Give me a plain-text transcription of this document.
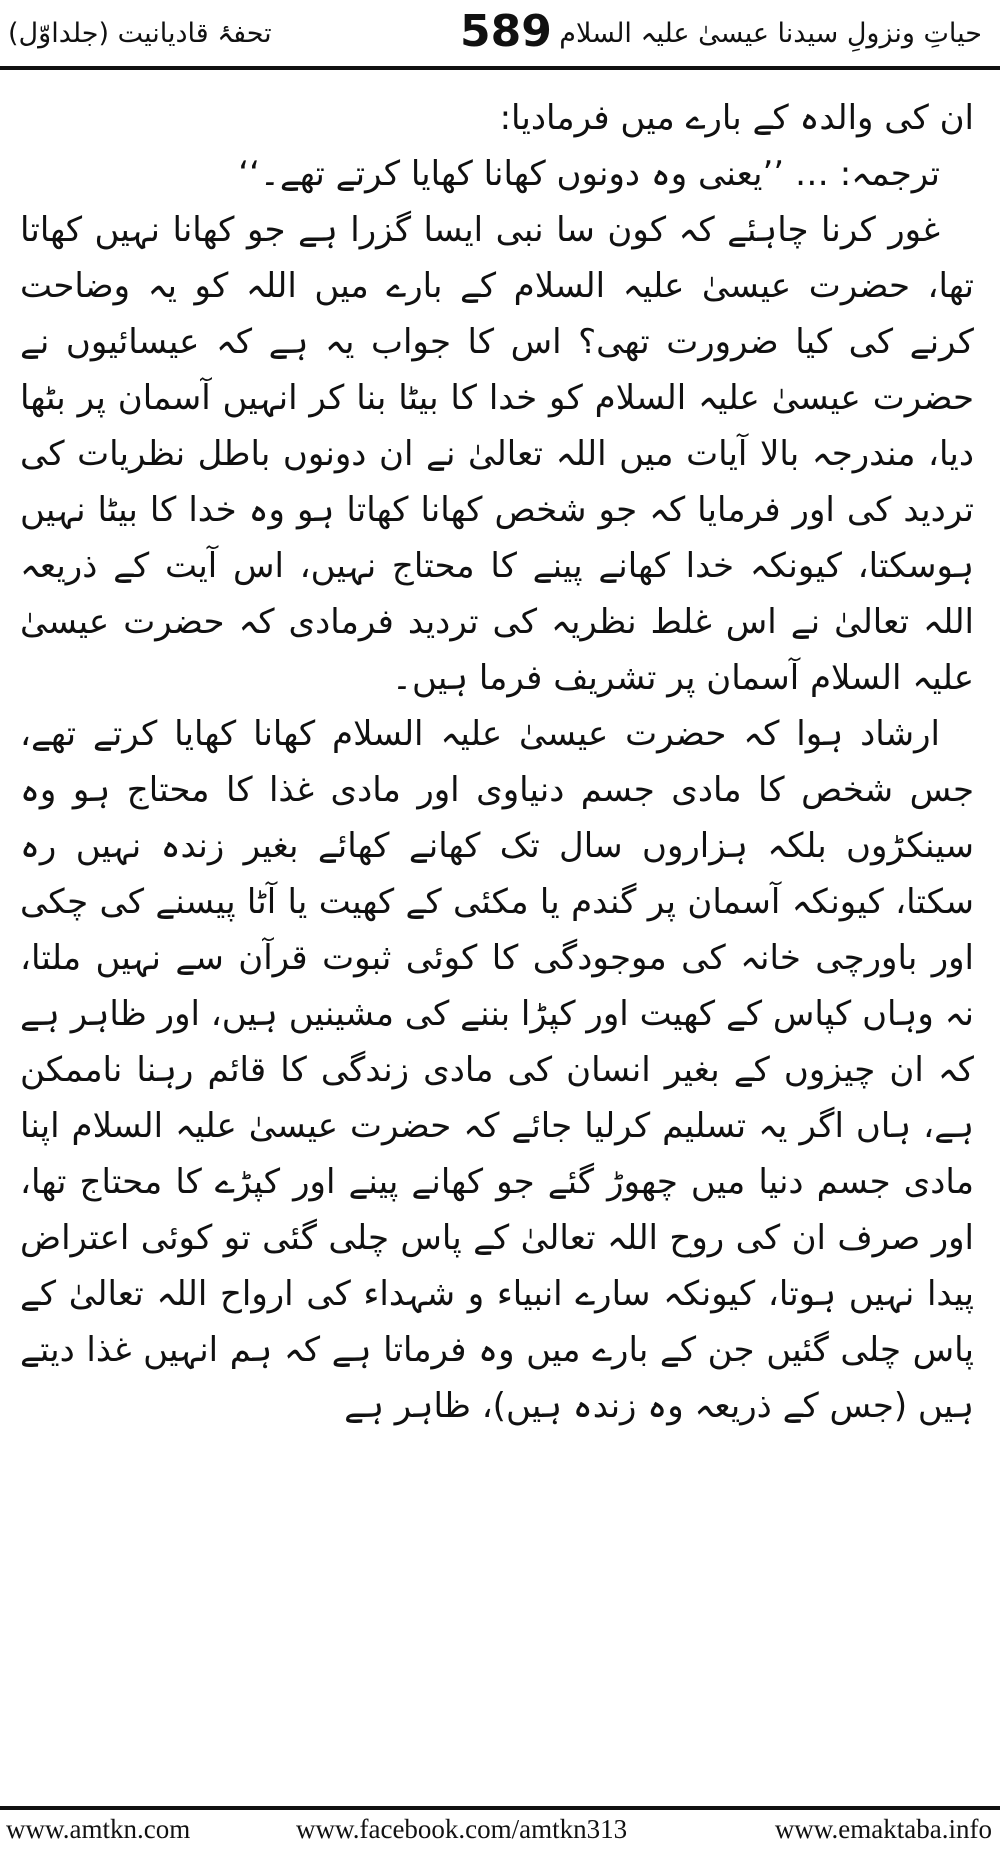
تحفۂ قادیانیت (جلداوّل)	589 حیاتِ ونزولِ سیدنا عیسیٰ علیہ السلام

ان کی والدہ کے بارے میں فرمادیا:

ترجمہ: … ’’یعنی وہ دونوں کھانا کھایا کرتے تھے۔‘‘

غور کرنا چاہئے کہ کون سا نبی ایسا گزرا ہے جو کھانا نہیں کھاتا تھا، حضرت عیسیٰ علیہ السلام کے بارے میں اللہ کو یہ وضاحت کرنے کی کیا ضرورت تھی؟ اس کا جواب یہ ہے کہ عیسائیوں نے حضرت عیسیٰ علیہ السلام کو خدا کا بیٹا بنا کر انہیں آسمان پر بٹھا دیا، مندرجہ بالا آیات میں اللہ تعالیٰ نے ان دونوں باطل نظریات کی تردید کی اور فرمایا کہ جو شخص کھانا کھاتا ہو وہ خدا کا بیٹا نہیں ہوسکتا، کیونکہ خدا کھانے پینے کا محتاج نہیں، اس آیت کے ذریعہ اللہ تعالیٰ نے اس غلط نظریہ کی تردید فرمادی کہ حضرت عیسیٰ علیہ السلام آسمان پر تشریف فرما ہیں۔

ارشاد ہوا کہ حضرت عیسیٰ علیہ السلام کھانا کھایا کرتے تھے، جس شخص کا مادی جسم دنیاوی اور مادی غذا کا محتاج ہو وہ سینکڑوں بلکہ ہزاروں سال تک کھانے کھائے بغیر زندہ نہیں رہ سکتا، کیونکہ آسمان پر گندم یا مکئی کے کھیت یا آٹا پیسنے کی چکی اور باورچی خانہ کی موجودگی کا کوئی ثبوت قرآن سے نہیں ملتا، نہ وہاں کپاس کے کھیت اور کپڑا بننے کی مشینیں ہیں، اور ظاہر ہے کہ ان چیزوں کے بغیر انسان کی مادی زندگی کا قائم رہنا ناممکن ہے، ہاں اگر یہ تسلیم کرلیا جائے کہ حضرت عیسیٰ علیہ السلام اپنا مادی جسم دنیا میں چھوڑ گئے جو کھانے پینے اور کپڑے کا محتاج تھا، اور صرف ان کی روح اللہ تعالیٰ کے پاس چلی گئی تو کوئی اعتراض پیدا نہیں ہوتا، کیونکہ سارے انبیاء و شہداء کی ارواح اللہ تعالیٰ کے پاس چلی گئیں جن کے بارے میں وہ فرماتا ہے کہ ہم انہیں غذا دیتے ہیں (جس کے ذریعہ وہ زندہ ہیں)، ظاہر ہے

www.amtkn.com	www.facebook.com/amtkn313	www.emaktaba.info
